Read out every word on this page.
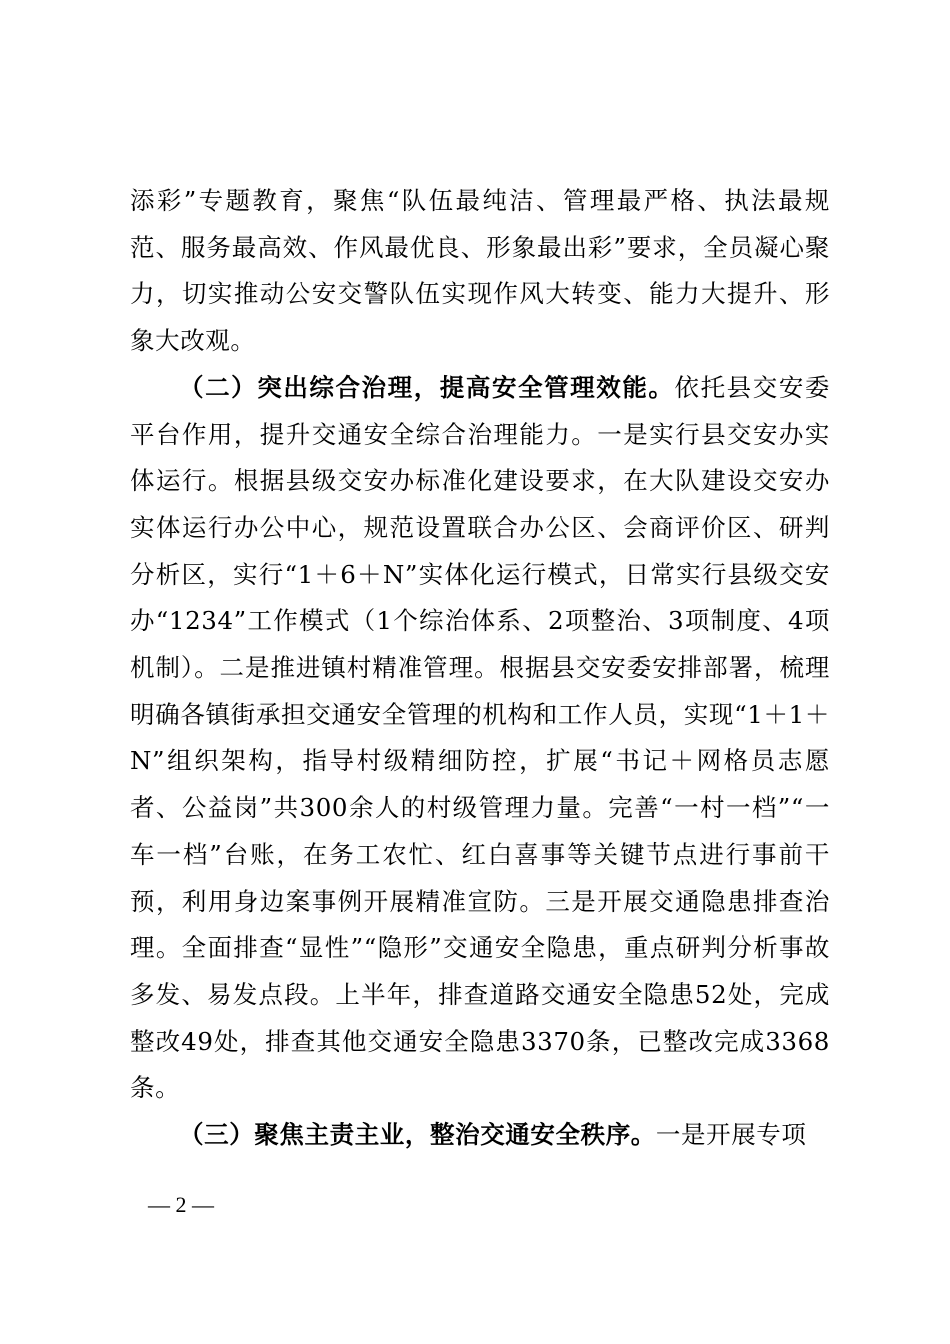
添彩”专题教育，聚焦“队伍最纯洁、管理最严格、执法最规范、服务最高效、作风最优良、形象最出彩”要求，全员凝心聚力，切实推动公安交警队伍实现作风大转变、能力大提升、形象大改观。

（二）突出综合治理，提高安全管理效能。依托县交安委平台作用，提升交通安全综合治理能力。一是实行县交安办实体运行。根据县级交安办标准化建设要求，在大队建设交安办实体运行办公中心，规范设置联合办公区、会商评价区、研判分析区，实行“1＋6＋N”实体化运行模式，日常实行县级交安办“1234”工作模式（1个综治体系、2项整治、3项制度、4项机制）。二是推进镇村精准管理。根据县交安委安排部署，梳理明确各镇街承担交通安全管理的机构和工作人员，实现“1＋1＋N”组织架构，指导村级精细防控，扩展“书记＋网格员志愿者、公益岗”共300余人的村级管理力量。完善“一村一档”“一车一档”台账，在务工农忙、红白喜事等关键节点进行事前干预，利用身边案事例开展精准宣防。三是开展交通隐患排查治理。全面排查“显性”“隐形”交通安全隐患，重点研判分析事故多发、易发点段。上半年，排查道路交通安全隐患52处，完成整改49处，排查其他交通安全隐患3370条，已整改完成3368条。

（三）聚焦主责主业，整治交通安全秩序。一是开展专项

— 2 —
